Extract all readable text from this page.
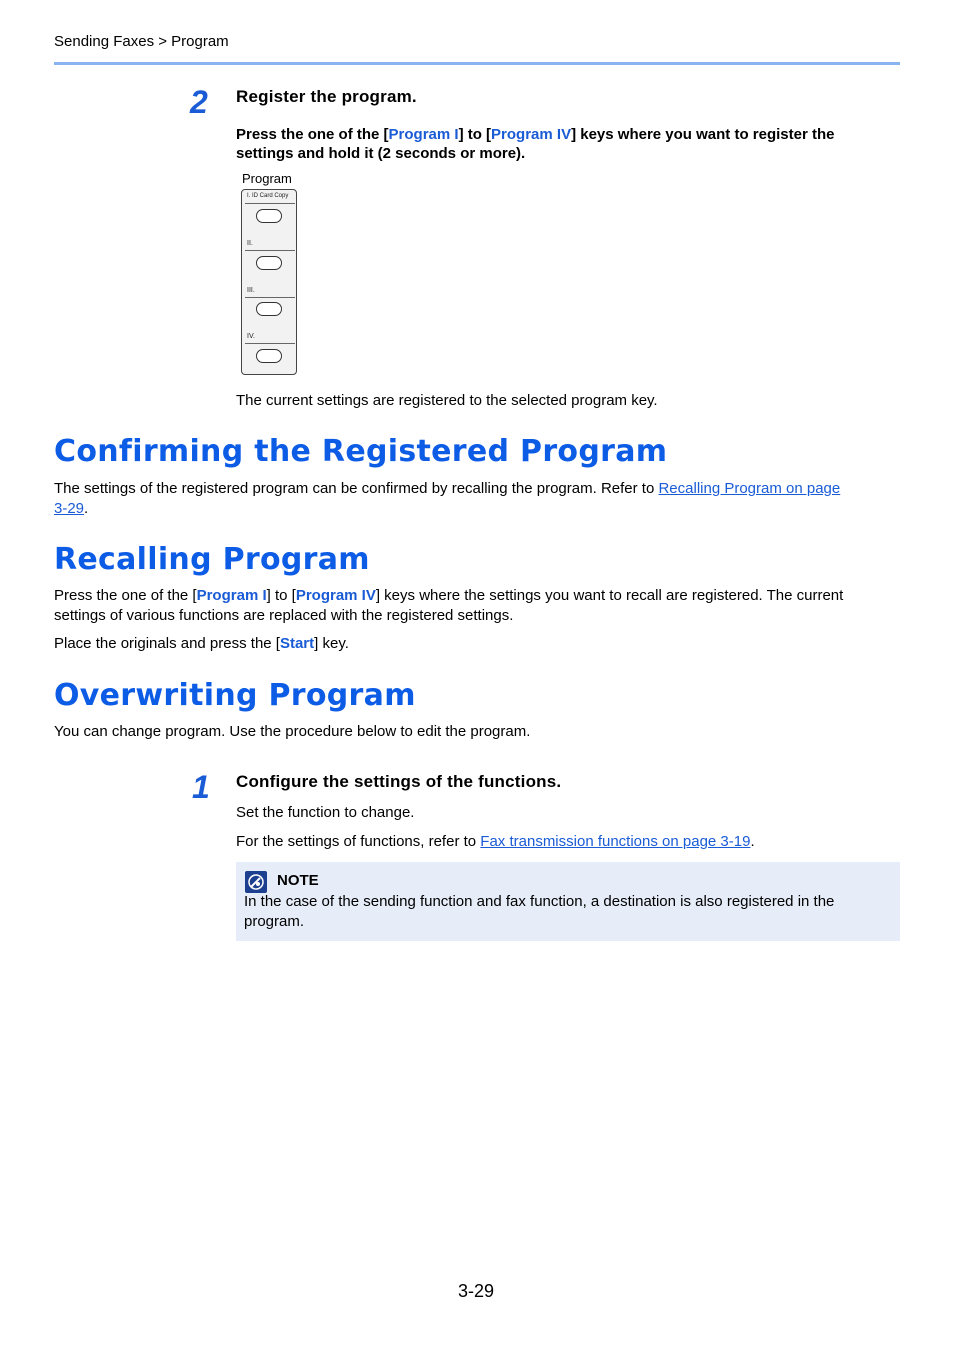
Sending Faxes > Program
2 Register the program.
Press the one of the [Program I] to [Program IV] keys where you want to register the
settings and hold it (2 seconds or more).
Program
I. ID Card Copy
II.
III.
IV.
The current settings are registered to the selected program key.
Confirming the Registered Program
The settings of the registered program can be confirmed by recalling the program. Refer to Recalling Program on page
3-29.
Recalling Program
Press the one of the [Program I] to [Program IV] keys where the settings you want to recall are registered. The current
settings of various functions are replaced with the registered settings.
Place the originals and press the [Start] key.
Overwriting Program
You can change program. Use the procedure below to edit the program.
1 Configure the settings of the functions.
Set the function to change.
For the settings of functions, refer to Fax transmission functions on page 3-19.
NOTE
In the case of the sending function and fax function, a destination is also registered in the
program.
3-29
